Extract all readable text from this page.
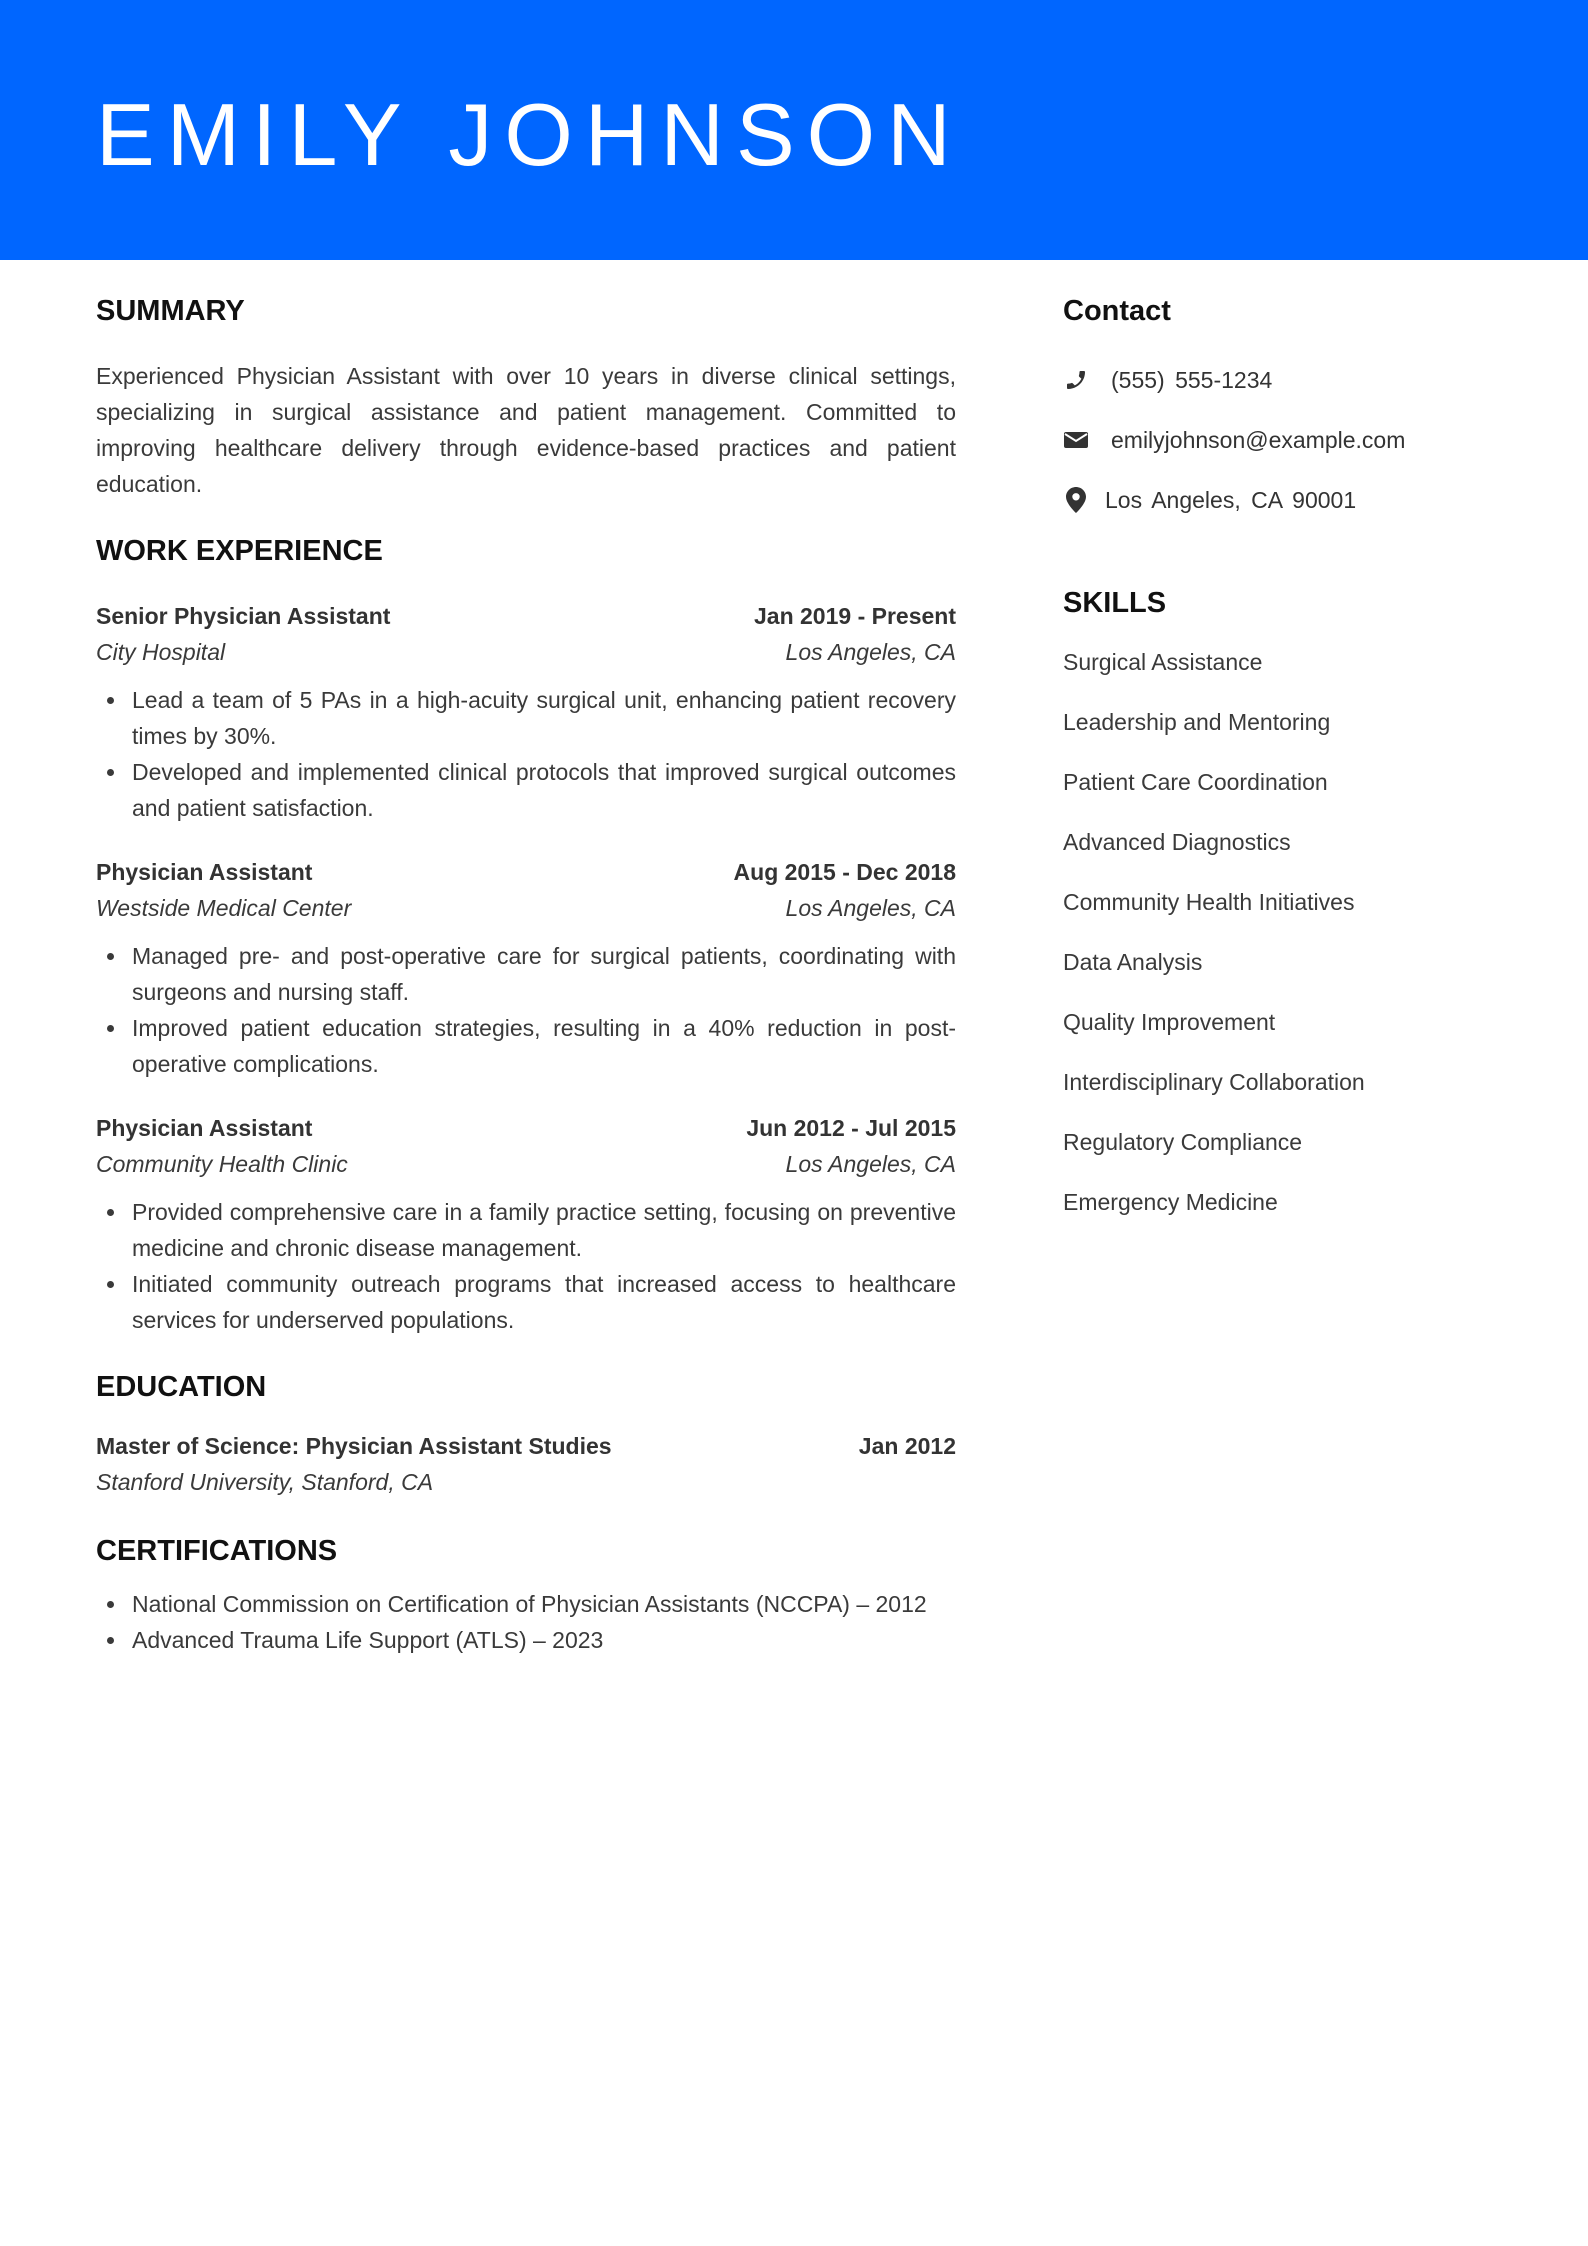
EMILY JOHNSON
SUMMARY

Experienced Physician Assistant with over 10 years in diverse clinical settings, specializing in surgical assistance and patient management. Committed to improving healthcare delivery through evidence-based practices and patient education.

WORK EXPERIENCE
Senior Physician Assistant	Jan 2019 - Present
City Hospital	Los Angeles, CA
Lead a team of 5 PAs in a high-acuity surgical unit, enhancing patient recovery times by 30%.
Developed and implemented clinical protocols that improved surgical outcomes and patient satisfaction.
Physician Assistant	Aug 2015 - Dec 2018
Westside Medical Center	Los Angeles, CA
Managed pre- and post-operative care for surgical patients, coordinating with surgeons and nursing staff.
Improved patient education strategies, resulting in a 40% reduction in post-operative complications.
Physician Assistant	Jun 2012 - Jul 2015
Community Health Clinic	Los Angeles, CA
Provided comprehensive care in a family practice setting, focusing on preventive medicine and chronic disease management.
Initiated community outreach programs that increased access to healthcare services for underserved populations.
EDUCATION
Master of Science: Physician Assistant Studies	Jan 2012
Stanford University, Stanford, CA
CERTIFICATIONS
National Commission on Certification of Physician Assistants (NCCPA) – 2012
Advanced Trauma Life Support (ATLS) – 2023
Contact
(555) 555-1234
emilyjohnson@example.com
Los Angeles, CA 90001
SKILLS
Surgical Assistance
Leadership and Mentoring
Patient Care Coordination
Advanced Diagnostics
Community Health Initiatives
Data Analysis
Quality Improvement
Interdisciplinary Collaboration
Regulatory Compliance
Emergency Medicine
